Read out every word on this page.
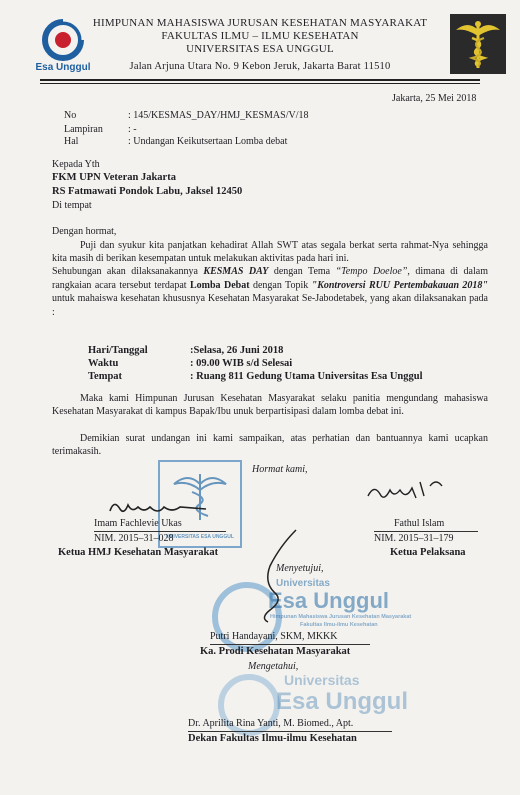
Esa Unggul
HIMPUNAN MAHASISWA JURUSAN KESEHATAN MASYARAKAT
FAKULTAS ILMU – ILMU KESEHATAN
UNIVERSITAS ESA UNGGUL
Jalan Arjuna Utara No. 9 Kebon Jeruk, Jakarta Barat 11510
Jakarta, 25 Mei 2018
No	: 145/KESMAS_DAY/HMJ_KESMAS/V/18
Lampiran	: -
Hal	: Undangan Keikutsertaan Lomba debat
Kepada Yth
FKM UPN Veteran Jakarta
RS Fatmawati Pondok Labu, Jaksel 12450
Di tempat
Dengan hormat,
Puji dan syukur kita panjatkan kehadirat Allah SWT atas segala berkat serta rahmat-Nya sehingga kita masih di berikan kesempatan untuk melakukan aktivitas pada hari ini.
Sehubungan akan dilaksanakannya KESMAS DAY dengan Tema “Tempo Doeloe”, dimana di dalam rangkaian acara tersebut terdapat Lomba Debat dengan Topik "Kontroversi RUU Pertembakauan 2018" untuk mahaiswa kesehatan khususnya Kesehatan Masyarakat Se-Jabodetabek, yang akan dilaksanakan pada :
Hari/Tanggal	:Selasa, 26 Juni 2018
Waktu	: 09.00 WIB s/d Selesai
Tempat	: Ruang 811 Gedung Utama Universitas Esa Unggul
Maka kami Himpunan Jurusan Kesehatan Masyarakat selaku panitia mengundang mahasiswa Kesehatan Masyarakat di kampus Bapak/Ibu unuk berpartisipasi dalam lomba debat ini.
Demikian surat undangan ini kami sampaikan, atas perhatian dan bantuannya kami ucapkan terimakasih.
Hormat kami,
UNIVERSITAS ESA UNGGUL
Imam Fachlevie Ukas
NIM. 2015–31–028
Ketua HMJ Kesehatan Masyarakat
Fathul Islam
NIM. 2015–31–179
Ketua Pelaksana
Universitas
Esa Unggul
Himpunan Mahasiswa Jurusan Kesehatan Masyarakat
Fakultas Ilmu-ilmu Kesehatan
Menyetujui,
Putri Handayani, SKM, MKKK
Ka. Prodi Kesehatan Masyarakat
Universitas
Esa Unggul
Mengetahui,
Dr. Aprilita Rina Yanti, M. Biomed., Apt.
Dekan Fakultas Ilmu-ilmu Kesehatan
